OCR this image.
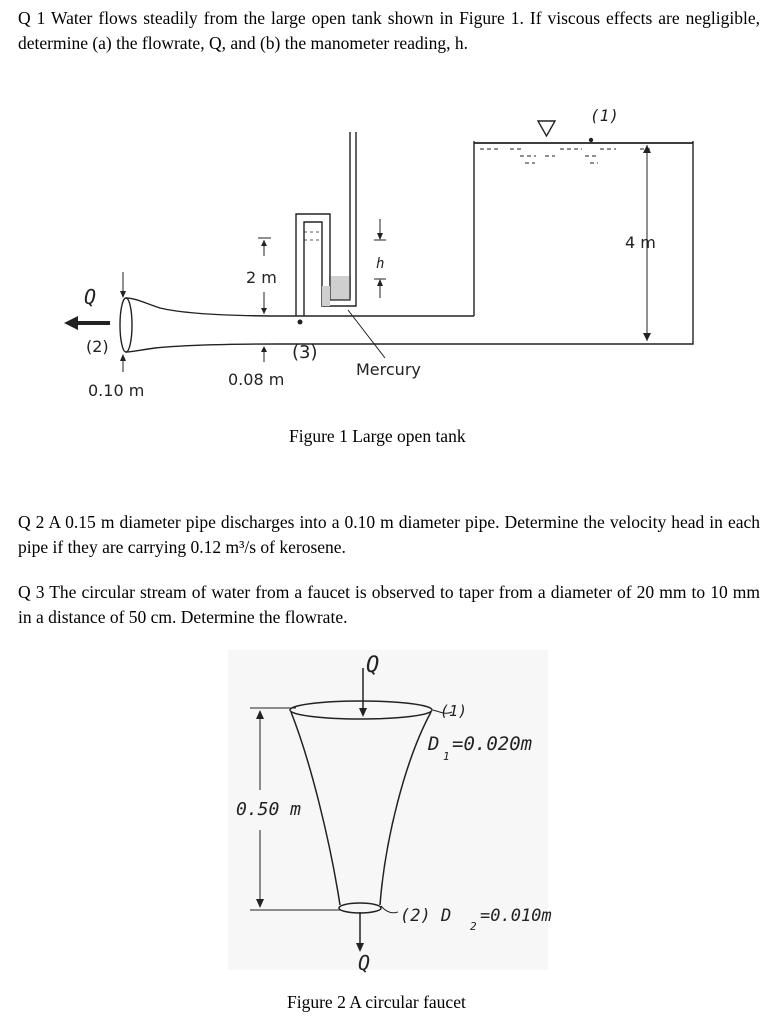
Q 1 Water flows steadily from the large open tank shown in Figure 1. If viscous effects are negligible, determine (a) the flowrate, Q, and (b) the manometer reading, h.

(1)
4 m
2 m
h
Q
(2)	(3)
Mercury
0.08 m
0.10 m

Figure 1 Large open tank

Q 2 A 0.15 m diameter pipe discharges into a 0.10 m diameter pipe. Determine the velocity head in each pipe if they are carrying 0.12 m³/s of kerosene.

Q 3 The circular stream of water from a faucet is observed to taper from a diameter of 20 mm to 10 mm in a distance of 50 cm. Determine the flowrate.

Q
Q
(1)
D
1
=0.020m
(2) D
2
=0.010m
0.50 m

Figure 2 A circular faucet
